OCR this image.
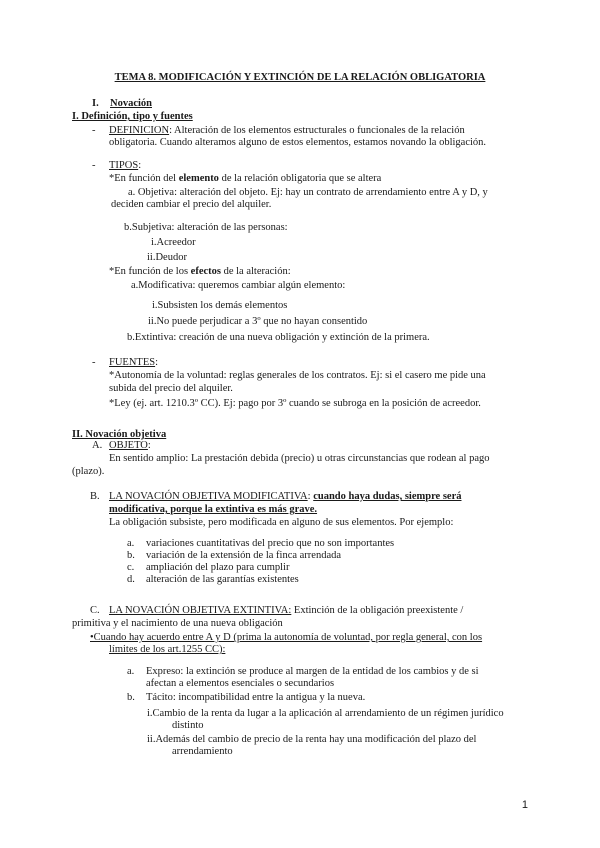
TEMA 8. MODIFICACIÓN Y EXTINCIÓN DE LA RELACIÓN OBLIGATORIA
I. Novación
I. Definición, tipo y fuentes
- DEFINICION: Alteración de los elementos estructurales o funcionales de la relación
obligatoria. Cuando alteramos alguno de estos elementos, estamos novando la obligación.
- TIPOS:
*En función del elemento de la relación obligatoria que se altera
a. Objetiva: alteración del objeto. Ej: hay un contrato de arrendamiento entre A y D, y
deciden cambiar el precio del alquiler.
b.Subjetiva: alteración de las personas:
i.Acreedor
ii.Deudor
*En función de los efectos de la alteración:
a.Modificativa: queremos cambiar algún elemento:
i.Subsisten los demás elementos
ii.No puede perjudicar a 3º que no hayan consentido
b.Extintiva: creación de una nueva obligación y extinción de la primera.
- FUENTES:
*Autonomía de la voluntad: reglas generales de los contratos. Ej: si el casero me pide una
subida del precio del alquiler.
*Ley (ej. art. 1210.3º CC). Ej: pago por 3º cuando se subroga en la posición de acreedor.
II. Novación objetiva
A. OBJETO:
En sentido amplio: La prestación debida (precio) u otras circunstancias que rodean al pago
(plazo).
B. LA NOVACIÓN OBJETIVA MODIFICATIVA: cuando haya dudas, siempre será
modificativa, porque la extintiva es más grave.
La obligación subsiste, pero modificada en alguno de sus elementos. Por ejemplo:
a. variaciones cuantitativas del precio que no son importantes
b. variación de la extensión de la finca arrendada
c. ampliación del plazo para cumplir
d. alteración de las garantías existentes
C. LA NOVACIÓN OBJETIVA EXTINTIVA: Extinción de la obligación preexistente /
primitiva y el nacimiento de una nueva obligación
•Cuando hay acuerdo entre A y D (prima la autonomía de voluntad, por regla general, con los
límites de los art.1255 CC):
a. Expreso: la extinción se produce al margen de la entidad de los cambios y de si
afectan a elementos esenciales o secundarios
b. Tácito: incompatibilidad entre la antigua y la nueva.
i.Cambio de la renta da lugar a la aplicación al arrendamiento de un régimen jurídico
distinto
ii.Además del cambio de precio de la renta hay una modificación del plazo del
arrendamiento
1
